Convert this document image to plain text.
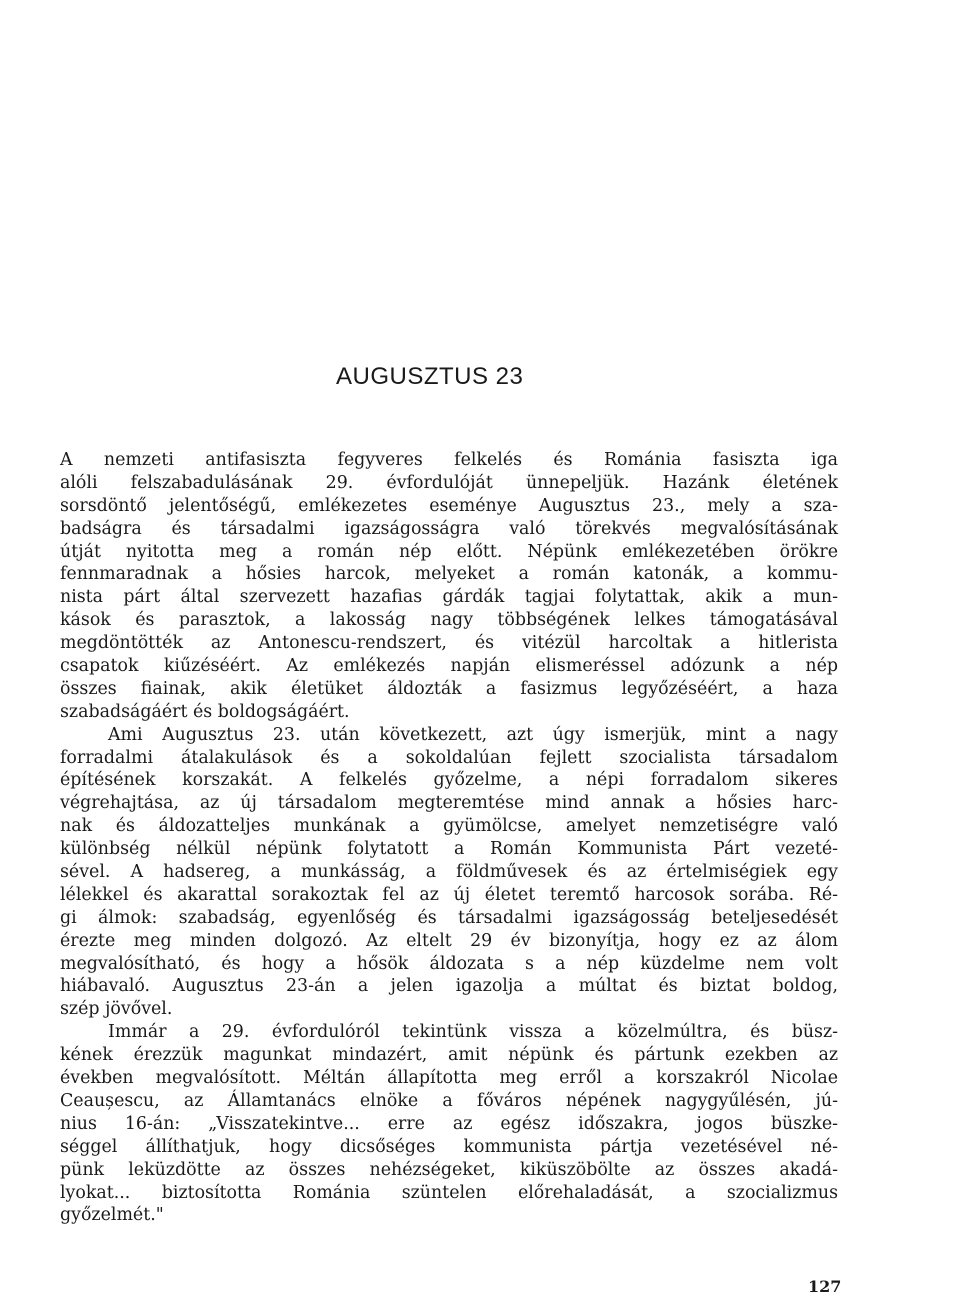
AUGUSZTUS 23
A nemzeti antifasiszta fegyveres felkelés és Románia fasiszta iga
alóli felszabadulásának 29. évfordulóját ünnepeljük. Hazánk életének
sorsdöntő jelentőségű, emlékezetes eseménye Augusztus 23., mely a sza-
badságra és társadalmi igazságosságra való törekvés megvalósításának
útját nyitotta meg a román nép előtt. Népünk emlékezetében örökre
fennmaradnak a hősies harcok, melyeket a román katonák, a kommu-
nista párt által szervezett hazafias gárdák tagjai folytattak, akik a mun-
kások és parasztok, a lakosság nagy többségének lelkes támogatásával
megdöntötték az Antonescu-rendszert, és vitézül harcoltak a hitlerista
csapatok kiűzéséért. Az emlékezés napján elismeréssel adózunk a nép
összes fiainak, akik életüket áldozták a fasizmus legyőzéséért, a haza
szabadságáért és boldogságáért.
Ami Augusztus 23. után következett, azt úgy ismerjük, mint a nagy
forradalmi átalakulások és a sokoldalúan fejlett szocialista társadalom
építésének korszakát. A felkelés győzelme, a népi forradalom sikeres
végrehajtása, az új társadalom megteremtése mind annak a hősies harc-
nak és áldozatteljes munkának a gyümölcse, amelyet nemzetiségre való
különbség nélkül népünk folytatott a Román Kommunista Párt vezeté-
sével. A hadsereg, a munkásság, a földművesek és az értelmiségiek egy
lélekkel és akarattal sorakoztak fel az új életet teremtő harcosok sorába. Ré-
gi álmok: szabadság, egyenlőség és társadalmi igazságosság beteljesedését
érezte meg minden dolgozó. Az eltelt 29 év bizonyítja, hogy ez az álom
megvalósítható, és hogy a hősök áldozata s a nép küzdelme nem volt
hiábavaló. Augusztus 23-án a jelen igazolja a múltat és biztat boldog,
szép jövővel.
Immár a 29. évfordulóról tekintünk vissza a közelmúltra, és büsz-
kének érezzük magunkat mindazért, amit népünk és pártunk ezekben az
években megvalósított. Méltán állapította meg erről a korszakról Nicolae
Ceaușescu, az Államtanács elnöke a főváros népének nagygyűlésén, jú-
nius 16-án: „Visszatekintve... erre az egész időszakra, jogos büszke-
séggel állíthatjuk, hogy dicsőséges kommunista pártja vezetésével né-
pünk leküzdötte az összes nehézségeket, kiküszöbölte az összes akadá-
lyokat... biztosította Románia szüntelen előrehaladását, a szocializmus
győzelmét."
127
